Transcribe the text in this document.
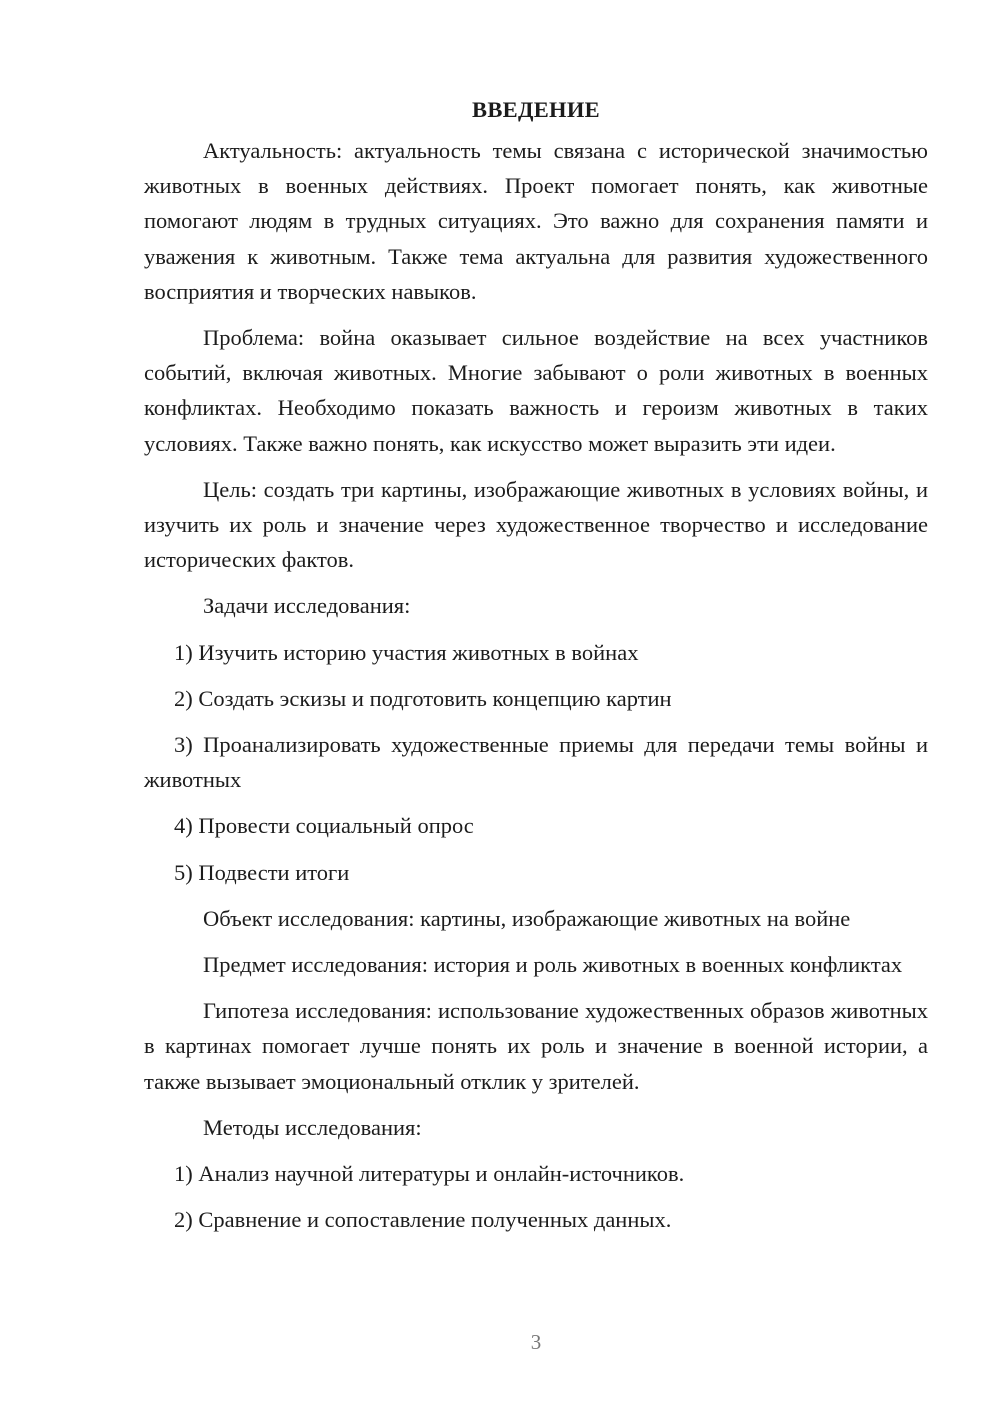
ВВЕДЕНИЕ

Актуальность: актуальность темы связана с исторической значимостью животных в военных действиях. Проект помогает понять, как животные помогают людям в трудных ситуациях. Это важно для сохранения памяти и уважения к животным. Также тема актуальна для развития художественного восприятия и творческих навыков.

Проблема: война оказывает сильное воздействие на всех участников событий, включая животных. Многие забывают о роли животных в военных конфликтах. Необходимо показать важность и героизм животных в таких условиях. Также важно понять, как искусство может выразить эти идеи.

Цель: создать три картины, изображающие животных в условиях войны, и изучить их роль и значение через художественное творчество и исследование исторических фактов.

Задачи исследования:

1) Изучить историю участия животных в войнах

2) Создать эскизы и подготовить концепцию картин

3) Проанализировать художественные приемы для передачи темы войны и животных

4) Провести социальный опрос

5) Подвести итоги

Объект исследования: картины, изображающие животных на войне

Предмет исследования: история и роль животных в военных конфликтах

Гипотеза исследования: использование художественных образов животных в картинах помогает лучше понять их роль и значение в военной истории, а также вызывает эмоциональный отклик у зрителей.

Методы исследования:

1) Анализ научной литературы и онлайн-источников.

2) Сравнение и сопоставление полученных данных.

3
